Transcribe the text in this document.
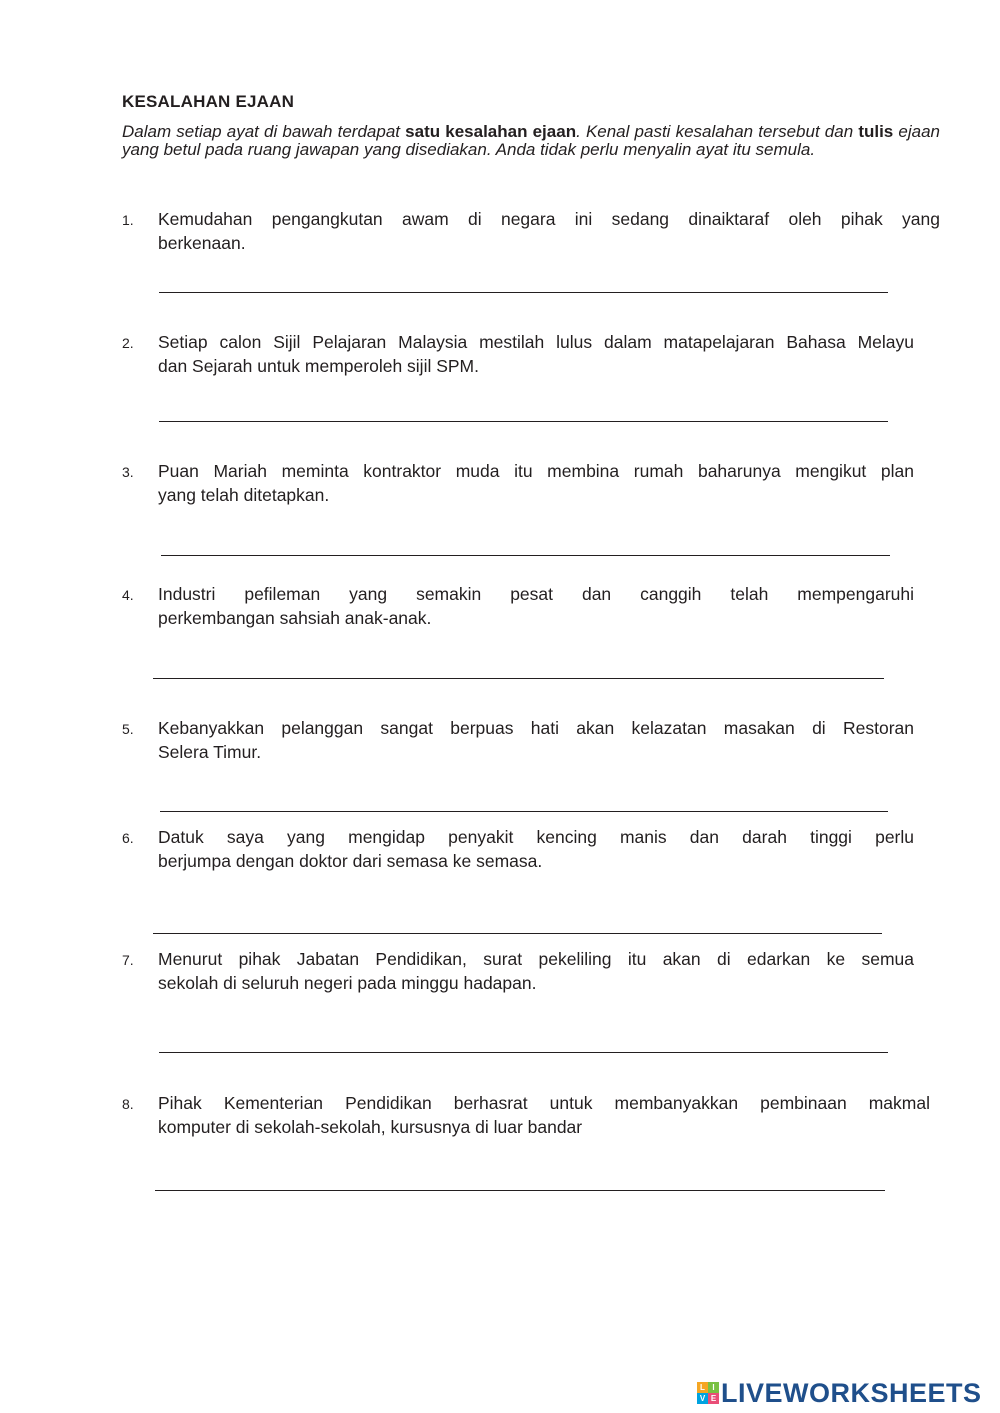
KESALAHAN EJAAN
Dalam setiap ayat di bawah terdapat satu kesalahan ejaan. Kenal pasti kesalahan tersebut dan tulis ejaan yang betul pada ruang jawapan yang disediakan. Anda tidak perlu menyalin ayat itu semula.
1. Kemudahan pengangkutan awam di negara ini sedang dinaiktaraf oleh pihak yang
berkenaan.
2. Setiap calon Sijil Pelajaran Malaysia mestilah lulus dalam matapelajaran Bahasa Melayu
dan Sejarah untuk memperoleh sijil SPM.
3. Puan Mariah meminta kontraktor muda itu membina rumah baharunya mengikut plan
yang telah ditetapkan.
4. Industri pefileman yang semakin pesat dan canggih telah mempengaruhi
perkembangan sahsiah anak-anak.
5. Kebanyakkan pelanggan sangat berpuas hati akan kelazatan masakan di Restoran
Selera Timur.
6. Datuk saya yang mengidap penyakit kencing manis dan darah tinggi perlu
berjumpa dengan doktor dari semasa ke semasa.
7. Menurut pihak Jabatan Pendidikan, surat pekeliling itu akan di edarkan ke semua
sekolah di seluruh negeri pada minggu hadapan.
8. Pihak Kementerian Pendidikan berhasrat untuk membanyakkan pembinaan makmal
komputer di sekolah-sekolah, kursusnya di luar bandar
L I
V E LIVEWORKSHEETS
